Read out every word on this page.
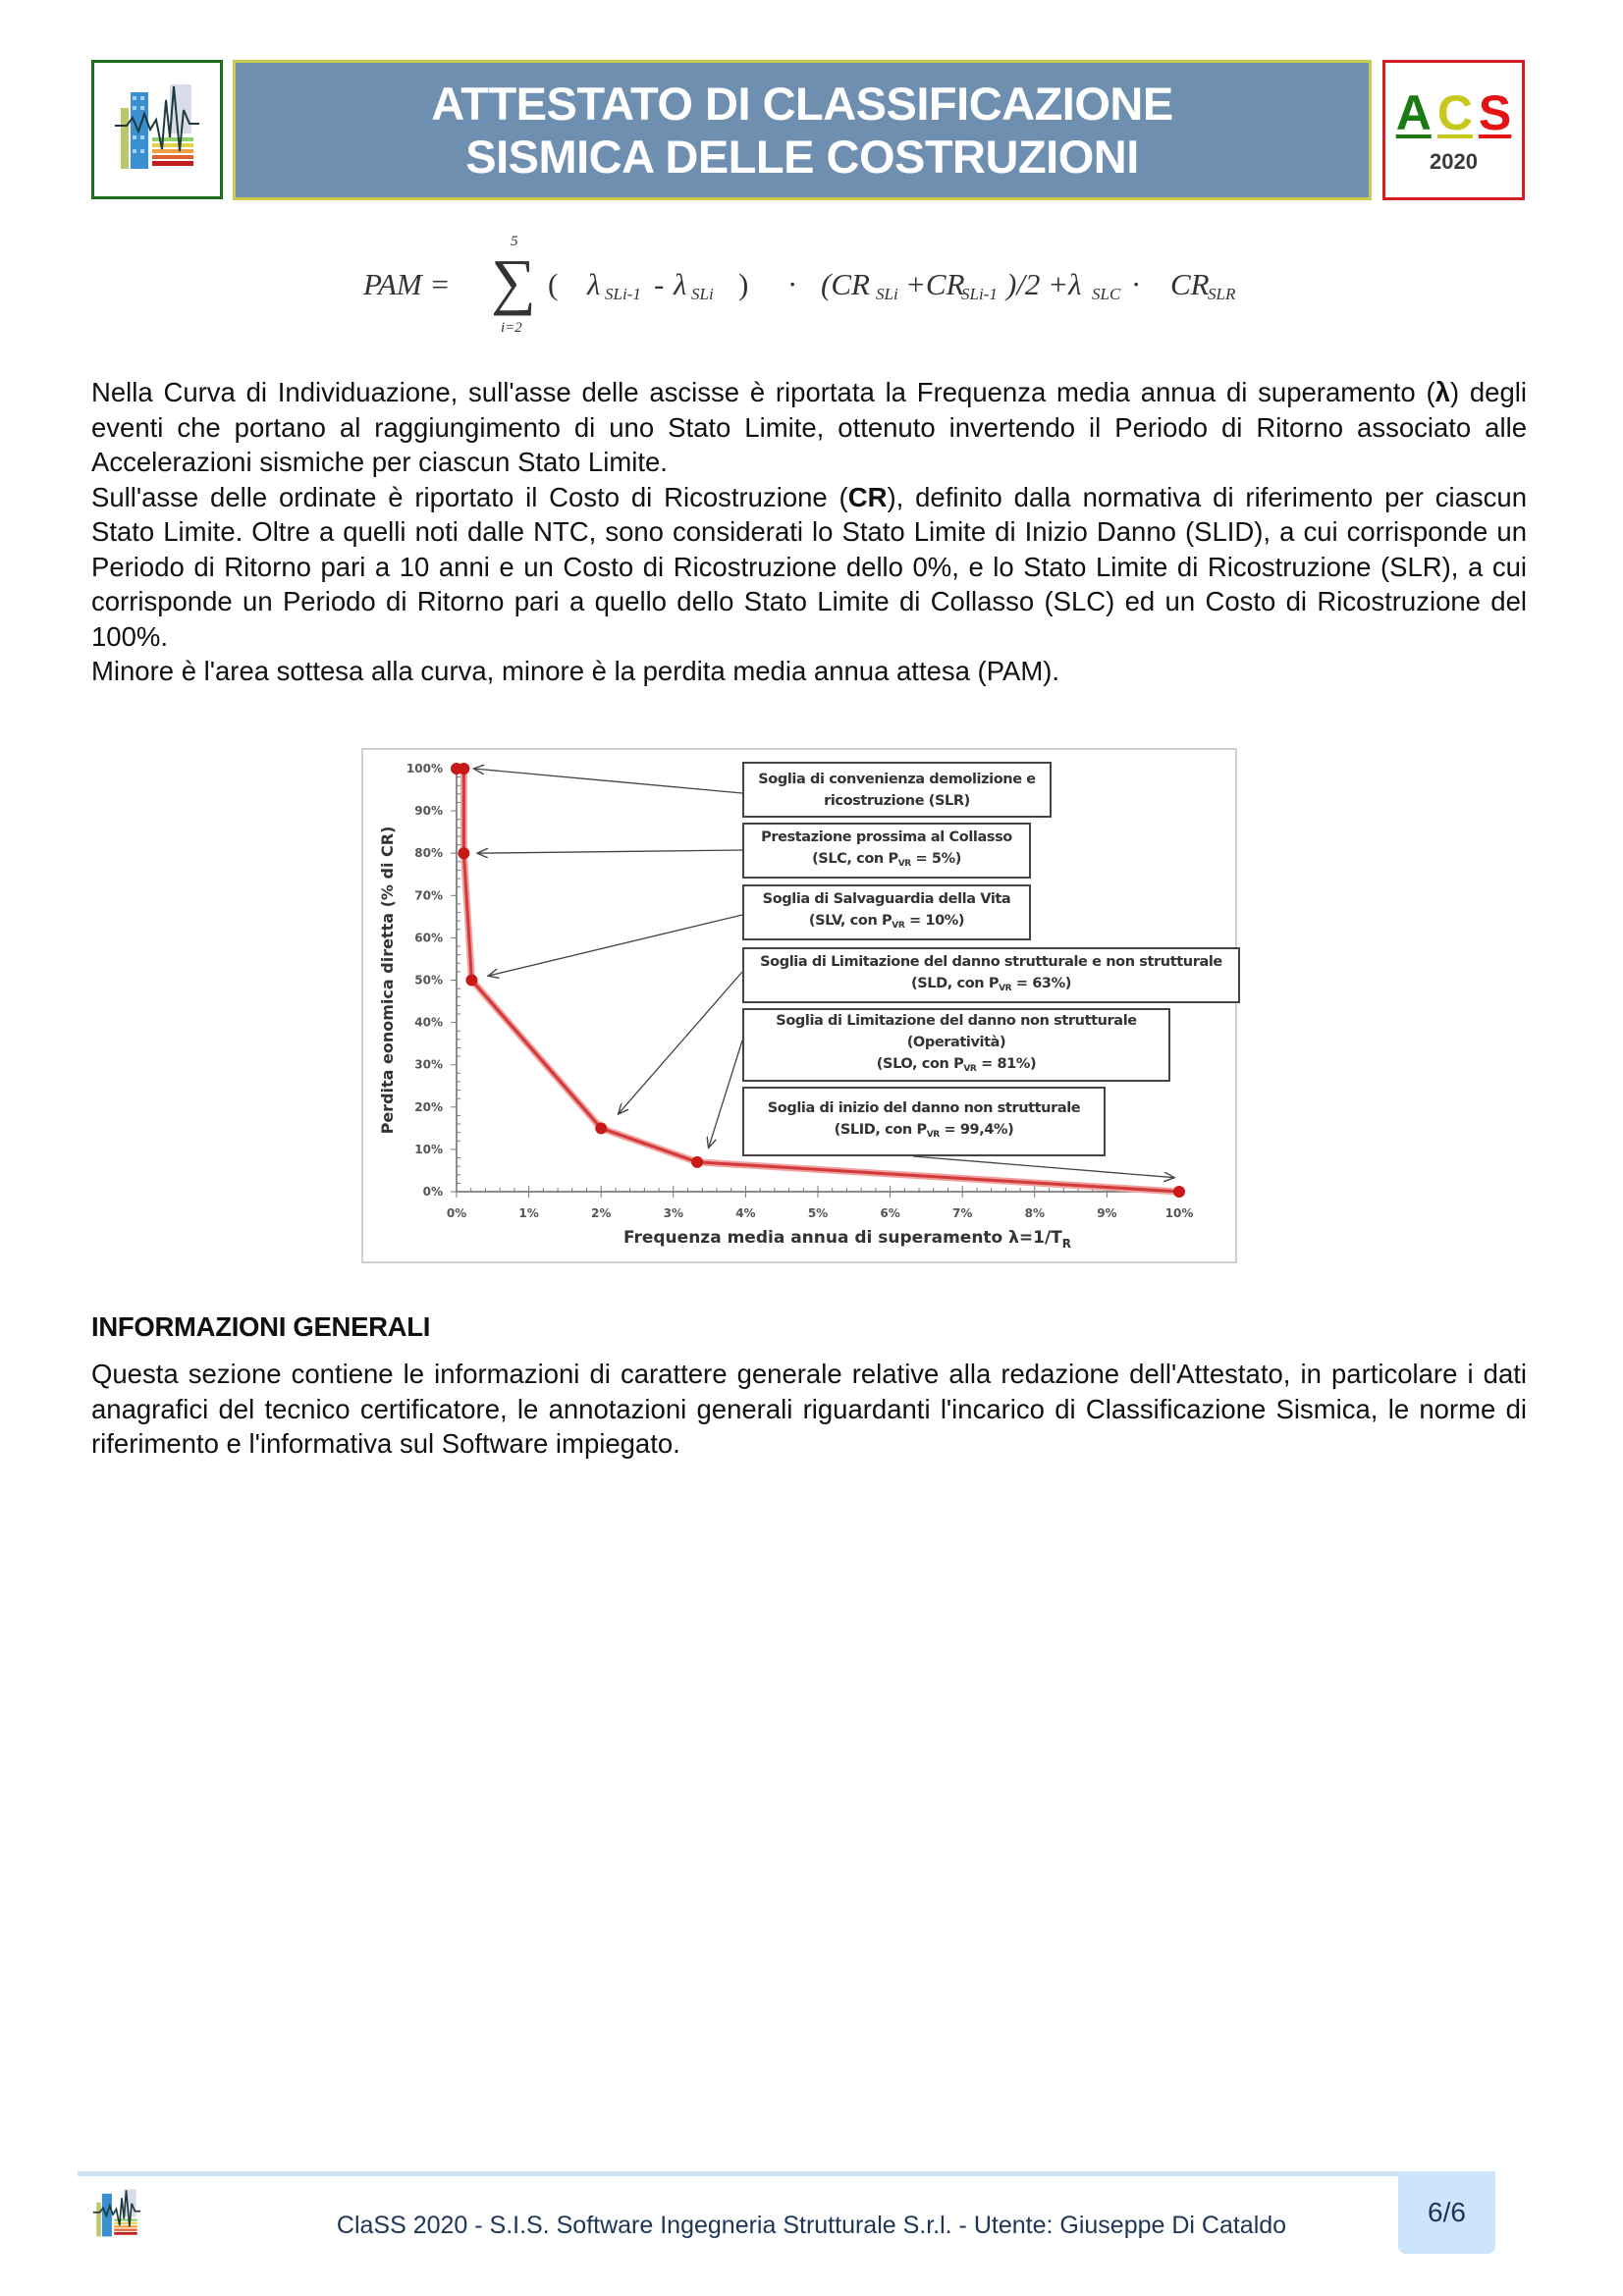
ATTESTATO DI CLASSIFICAZIONE
SISMICA DELLE COSTRUZIONI
A C S
2020
PAM =
5
∑
i=2
( λ SLi-1 - λ SLi ) · (CR SLi +CR
SLi-1 )/2 +λ SLC · CR
SLR

Nella Curva di Individuazione, sull'asse delle ascisse è riportata la Frequenza media annua di superamento (λ) degli eventi che portano al raggiungimento di uno Stato Limite, ottenuto invertendo il Periodo di Ritorno associato alle Accelerazioni sismiche per ciascun Stato Limite.

Sull'asse delle ordinate è riportato il Costo di Ricostruzione (CR), definito dalla normativa di riferimento per ciascun Stato Limite. Oltre a quelli noti dalle NTC, sono considerati lo Stato Limite di Inizio Danno (SLID), a cui corrisponde un Periodo di Ritorno pari a 10 anni e un Costo di Ricostruzione dello 0%, e lo Stato Limite di Ricostruzione (SLR), a cui corrisponde un Periodo di Ritorno pari a quello dello Stato Limite di Collasso (SLC) ed un Costo di Ricostruzione del 100%.

Minore è l'area sottesa alla curva, minore è la perdita media annua attesa (PAM).

0%
10%
20%
30%
40%
50%
60%
70%
80%
90%
100%
0%	1%	2%	3%	4%	5%	6%	7%	8%	9%	10%
Frequenza media annua di superamento $\lambda=1/T_R$
Perdita eonomica diretta (% di CR)
Soglia di convenienza demolizione e
ricostruzione (SLR)
Prestazione prossima al Collasso
(SLC, con $P_{VR} = 5\%$)
Soglia di Salvaguardia della Vita
(SLV, con $P_{VR} = 10\%$)
Soglia di Limitazione del danno strutturale e non strutturale
(SLD, con $P_{VR} = 63\%$)
Soglia di Limitazione del danno non strutturale
(Operatività)
(SLO, con $P_{VR} = 81\%$)
Soglia di inizio del danno non strutturale
(SLID, con $P_{VR} = 99,4\%$)
INFORMAZIONI GENERALI
Questa sezione contiene le informazioni di carattere generale relative alla redazione dell'Attestato, in particolare i dati anagrafici del tecnico certificatore, le annotazioni generali riguardanti l'incarico di Classificazione Sismica, le norme di riferimento e l'informativa sul Software impiegato.
ClaSS 2020 - S.I.S. Software Ingegneria Strutturale S.r.l. - Utente: Giuseppe Di Cataldo	6/6
